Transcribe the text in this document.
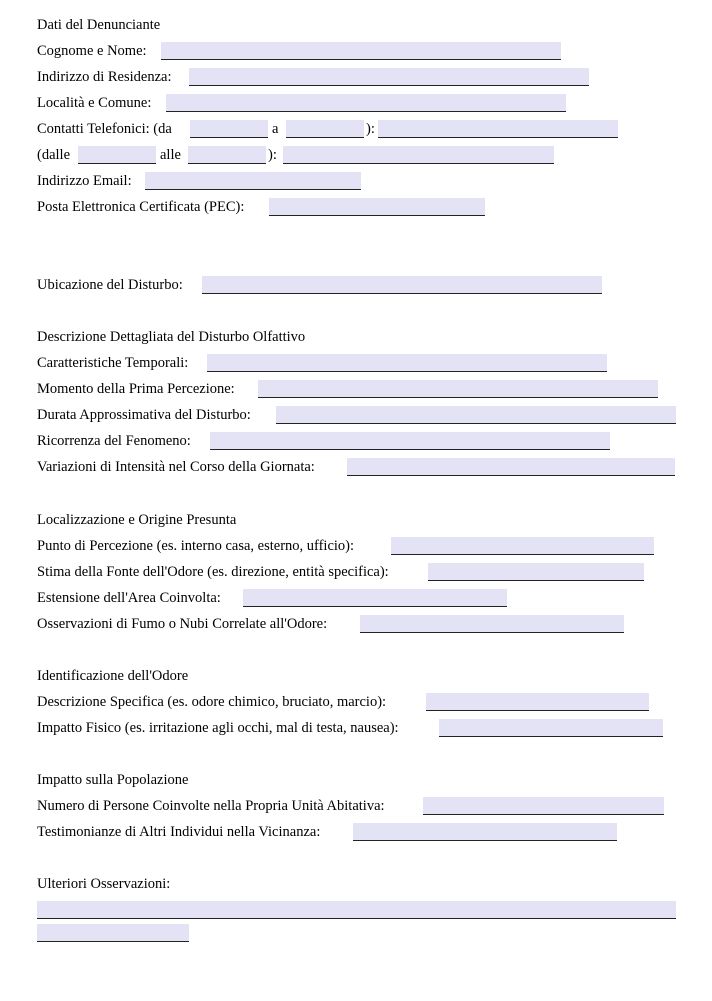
Dati del Denunciante
Cognome e Nome:
Indirizzo di Residenza:
Località e Comune:
Contatti Telefonici: (da	a	):
(dalle	alle	):
Indirizzo Email:
Posta Elettronica Certificata (PEC):
Ubicazione del Disturbo:
Descrizione Dettagliata del Disturbo Olfattivo
Caratteristiche Temporali:
Momento della Prima Percezione:
Durata Approssimativa del Disturbo:
Ricorrenza del Fenomeno:
Variazioni di Intensità nel Corso della Giornata:
Localizzazione e Origine Presunta
Punto di Percezione (es. interno casa, esterno, ufficio):
Stima della Fonte dell'Odore (es. direzione, entità specifica):
Estensione dell'Area Coinvolta:
Osservazioni di Fumo o Nubi Correlate all'Odore:
Identificazione dell'Odore
Descrizione Specifica (es. odore chimico, bruciato, marcio):
Impatto Fisico (es. irritazione agli occhi, mal di testa, nausea):
Impatto sulla Popolazione
Numero di Persone Coinvolte nella Propria Unità Abitativa:
Testimonianze di Altri Individui nella Vicinanza:
Ulteriori Osservazioni:
